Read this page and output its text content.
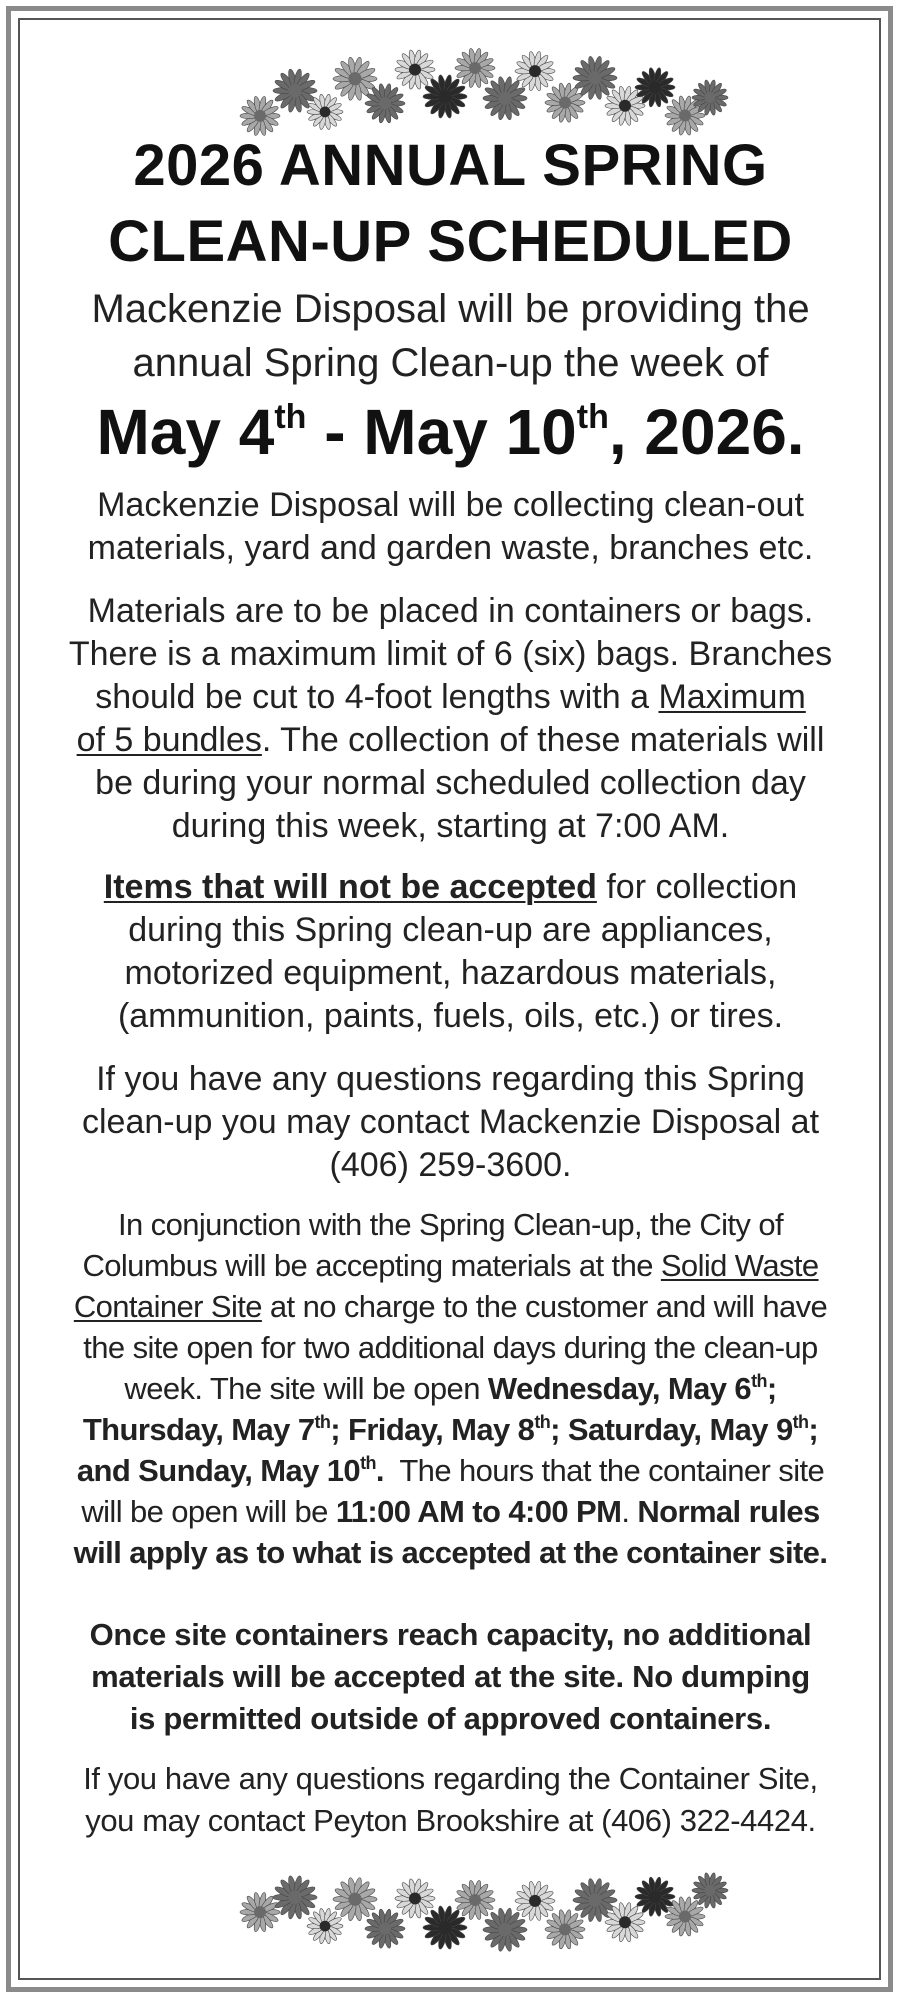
2026 ANNUAL SPRING
CLEAN-UP SCHEDULED
Mackenzie Disposal will be providing the
annual Spring Clean-up the week of
May 4th - May 10th, 2026.
Mackenzie Disposal will be collecting clean-out
materials, yard and garden waste, branches etc.
Materials are to be placed in containers or bags.
There is a maximum limit of 6 (six) bags. Branches
should be cut to 4-foot lengths with a Maximum
of 5 bundles. The collection of these materials will
be during your normal scheduled collection day
during this week, starting at 7:00 AM.
Items that will not be accepted for collection
during this Spring clean-up are appliances,
motorized equipment, hazardous materials,
(ammunition, paints, fuels, oils, etc.) or tires.
If you have any questions regarding this Spring
clean-up you may contact Mackenzie Disposal at
(406) 259-3600.
In conjunction with the Spring Clean-up, the City of
Columbus will be accepting materials at the Solid Waste
Container Site at no charge to the customer and will have
the site open for two additional days during the clean-up
week. The site will be open Wednesday, May 6th;
Thursday, May 7th; Friday, May 8th; Saturday, May 9th;
and Sunday, May 10th.  The hours that the container site
will be open will be 11:00 AM to 4:00 PM. Normal rules
will apply as to what is accepted at the container site.
Once site containers reach capacity, no additional
materials will be accepted at the site. No dumping
is permitted outside of approved containers.
If you have any questions regarding the Container Site,
you may contact Peyton Brookshire at (406) 322-4424.
